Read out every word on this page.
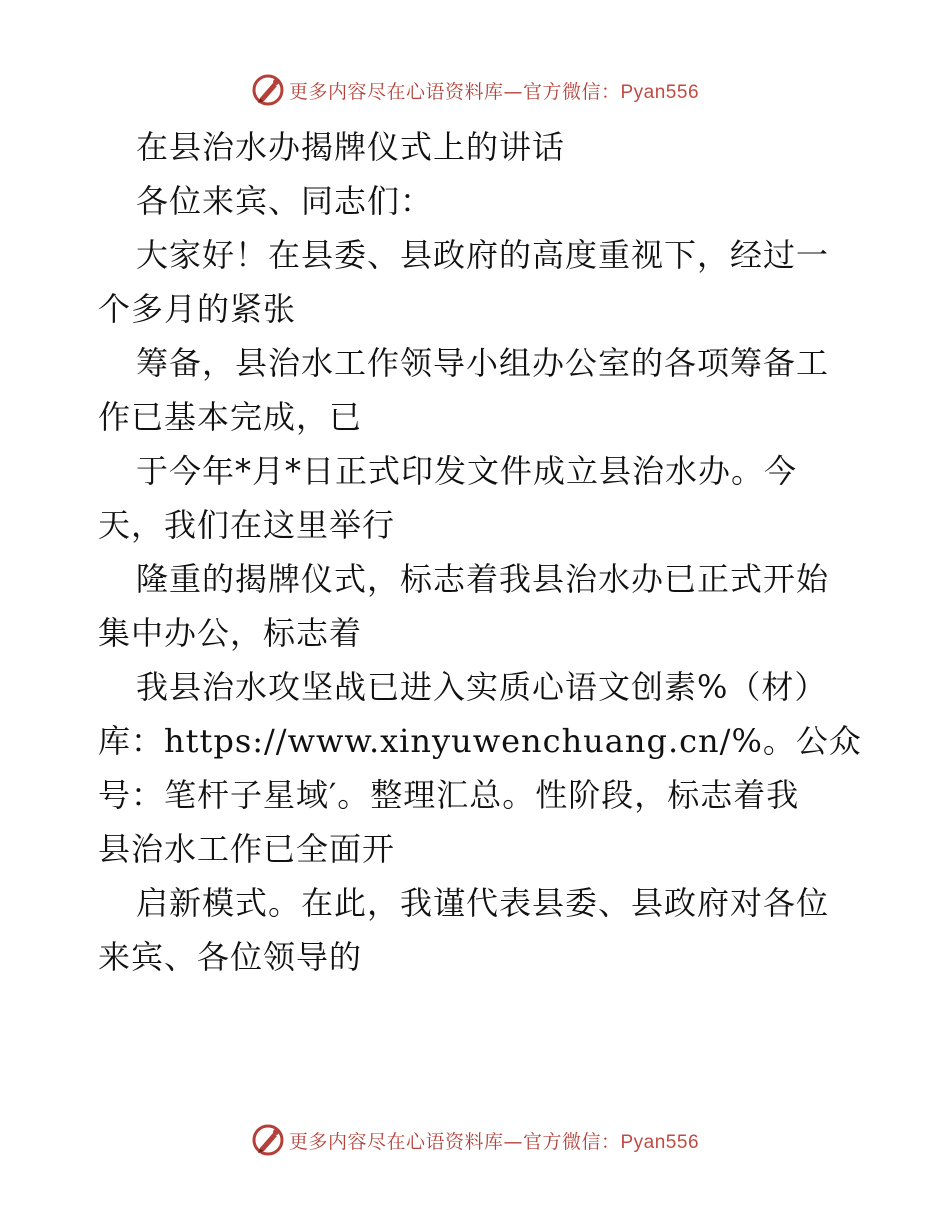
更多内容尽在心语资料库—官方微信：Pyan556
在县治水办揭牌仪式上的讲话
各位来宾、同志们：
大家好！在县委、县政府的高度重视下，经过一
个多月的紧张
筹备，县治水工作领导小组办公室的各项筹备工
作已基本完成，已
于今年*月*日正式印发文件成立县治水办。今
天，我们在这里举行
隆重的揭牌仪式，标志着我县治水办已正式开始
集中办公，标志着
我县治水攻坚战已进入实质心语文创素%（材）
库：https://www.xinyuwenchuang.cn/%。公众
号：笔杆子星域′。整理汇总。性阶段，标志着我
县治水工作已全面开
启新模式。在此，我谨代表县委、县政府对各位
来宾、各位领导的
更多内容尽在心语资料库—官方微信：Pyan556
